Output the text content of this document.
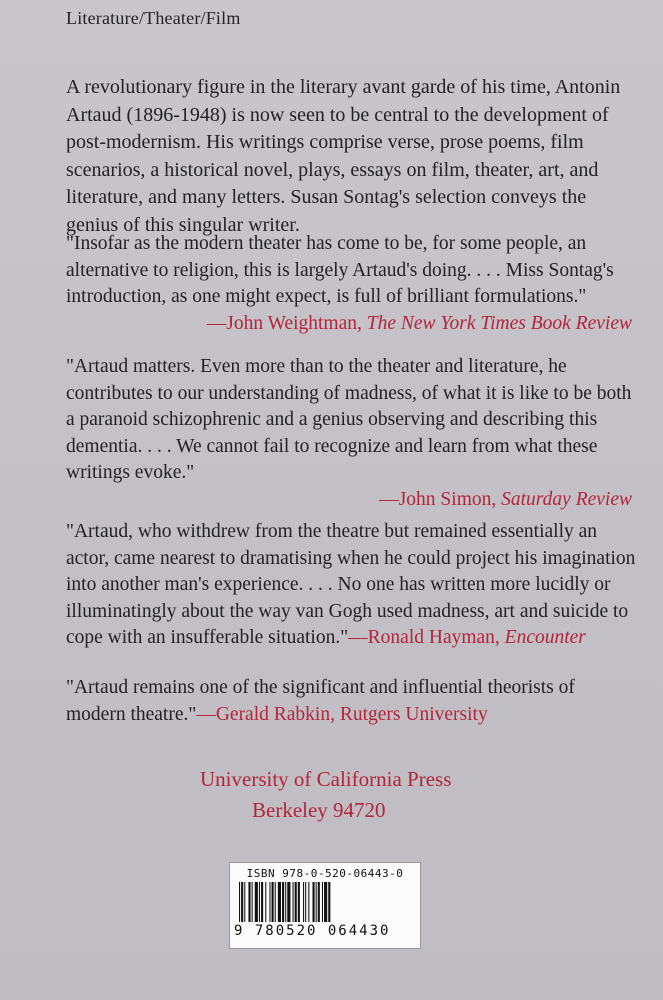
Literature/Theater/Film
A revolutionary figure in the literary avant garde of his time, Antonin Artaud (1896-1948) is now seen to be central to the development of post-modernism. His writings comprise verse, prose poems, film scenarios, a historical novel, plays, essays on film, theater, art, and literature, and many letters. Susan Sontag's selection conveys the genius of this singular writer.
"Insofar as the modern theater has come to be, for some people, an alternative to religion, this is largely Artaud's doing. . . . Miss Sontag's introduction, as one might expect, is full of brilliant formulations."
—John Weightman, The New York Times Book Review
"Artaud matters. Even more than to the theater and literature, he contributes to our understanding of madness, of what it is like to be both a paranoid schizophrenic and a genius observing and describing this dementia. . . . We cannot fail to recognize and learn from what these writings evoke."
—John Simon, Saturday Review
"Artaud, who withdrew from the theatre but remained essentially an actor, came nearest to dramatising when he could project his imagination into another man's experience. . . . No one has written more lucidly or illuminatingly about the way van Gogh used madness, art and suicide to cope with an insufferable situation."—Ronald Hayman, Encounter
"Artaud remains one of the significant and influential theorists of modern theatre."—Gerald Rabkin, Rutgers University
University of California Press
Berkeley 94720
ISBN 978-0-520-06443-0
9 780520 064430
